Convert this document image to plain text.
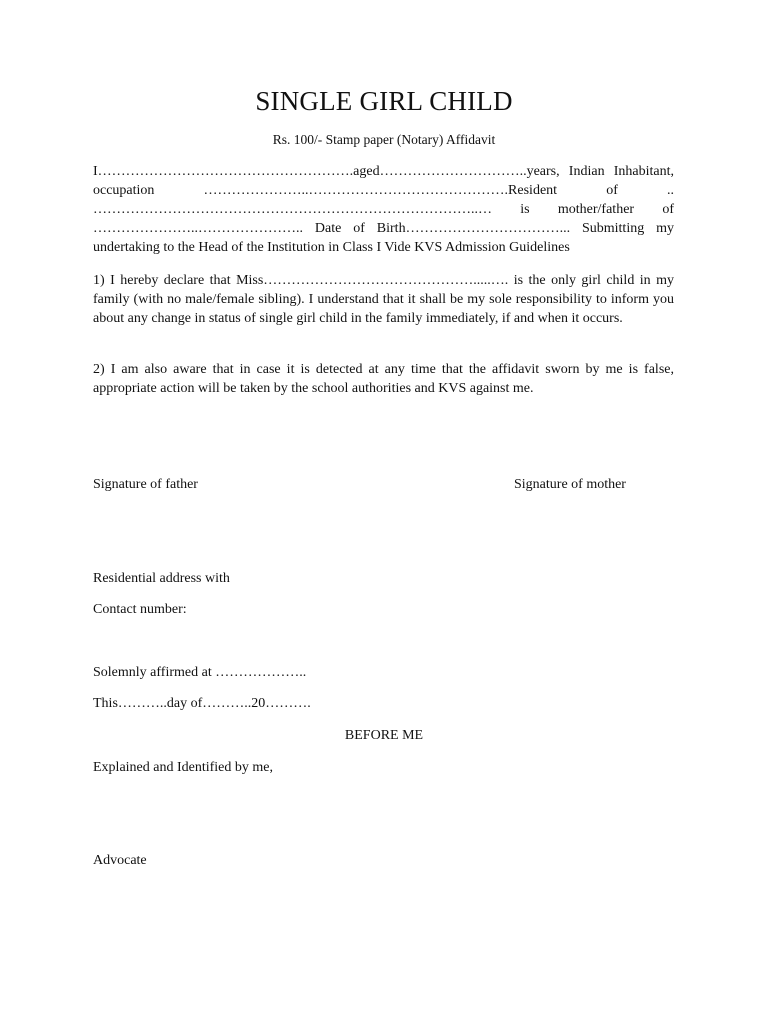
SINGLE GIRL CHILD
Rs. 100/- Stamp paper (Notary) Affidavit
I……………………………………………….aged…………………………..years, Indian Inhabitant, occupation …………………..…………………………………….Resident of .. ………………………………………………………………………..… is mother/father of …………………..………………….. Date of Birth……………………………... Submitting my undertaking to the Head of the Institution in Class I Vide KVS Admission Guidelines
1) I hereby declare that Miss……………………………………….....…. is the only girl child in my family (with no male/female sibling). I understand that it shall be my sole responsibility to inform you about any change in status of single girl child in the family immediately, if and when it occurs.
2) I am also aware that in case it is detected at any time that the affidavit sworn by me is false, appropriate action will be taken by the school authorities and KVS against me.
Signature of father	Signature of mother
Residential address with
Contact number:
Solemnly affirmed at ………………..
This………..day of………..20……….
BEFORE ME
Explained and Identified by me,
Advocate
